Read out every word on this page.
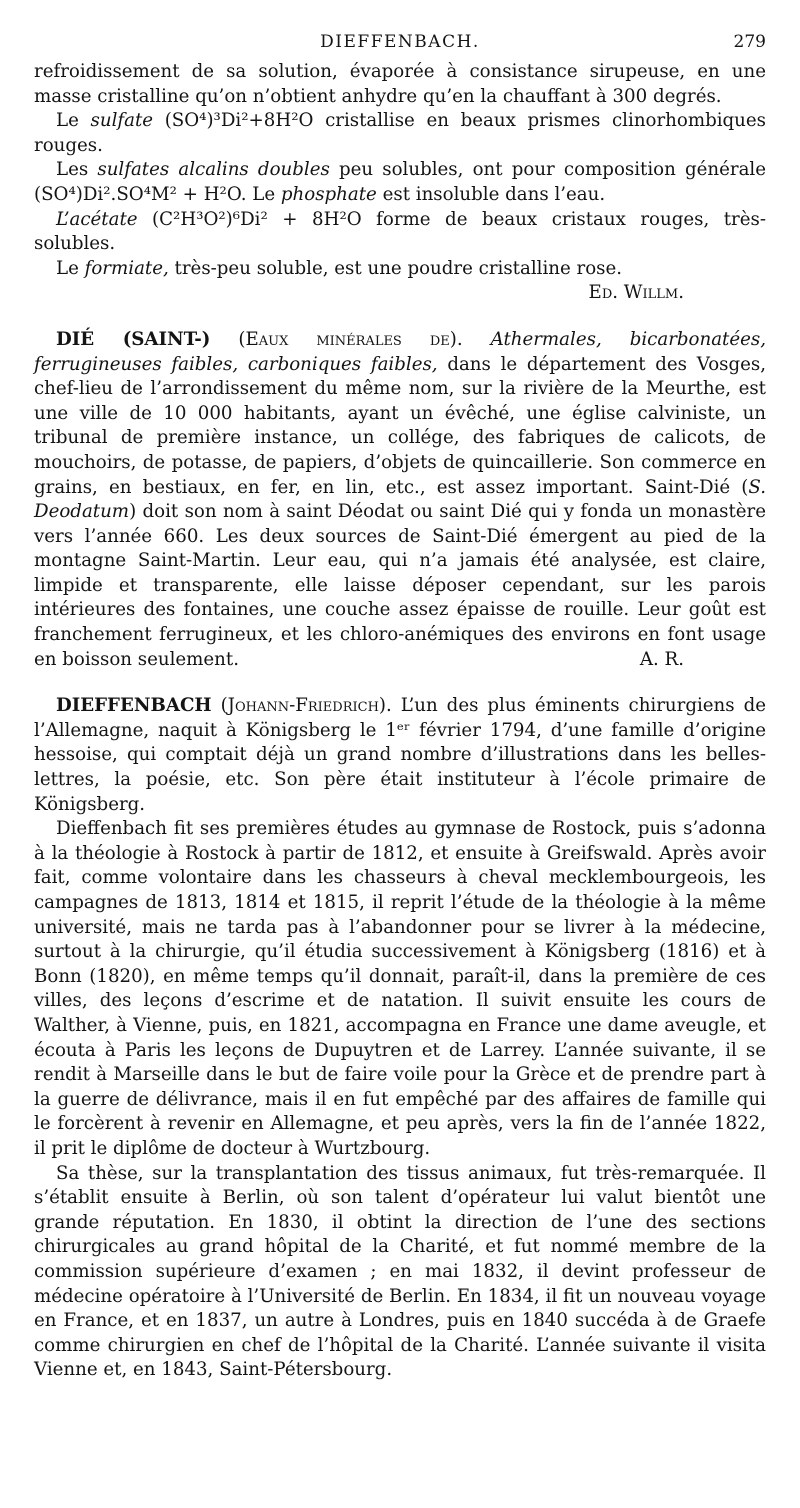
DIEFFENBACH.	279

refroidissement de sa solution, évaporée à consistance sirupeuse, en une masse cristalline qu’on n’obtient anhydre qu’en la chauffant à 300 degrés.

Le sulfate (SO⁴)³Di²+8H²O cristallise en beaux prismes clinorhombiques rouges.

Les sulfates alcalins doubles peu solubles, ont pour composition générale (SO⁴)Di².SO⁴M² + H²O. Le phosphate est insoluble dans l’eau.

L’acétate (C²H³O²)⁶Di² + 8H²O forme de beaux cristaux rouges, très-solubles.

Le formiate, très-peu soluble, est une poudre cristalline rose.
Ed. Willm.

DIÉ (SAINT-) (Eaux minérales de). Athermales, bicarbonatées, ferrugineuses faibles, carboniques faibles, dans le département des Vosges, chef-lieu de l’arrondissement du même nom, sur la rivière de la Meurthe, est une ville de 10 000 habitants, ayant un évêché, une église calviniste, un tribunal de première instance, un collége, des fabriques de calicots, de mouchoirs, de potasse, de papiers, d’objets de quincaillerie. Son commerce en grains, en bestiaux, en fer, en lin, etc., est assez important. Saint-Dié (S. Deodatum) doit son nom à saint Déodat ou saint Dié qui y fonda un monastère vers l’année 660. Les deux sources de Saint-Dié émergent au pied de la montagne Saint-Martin. Leur eau, qui n’a jamais été analysée, est claire, limpide et transparente, elle laisse déposer cependant, sur les parois intérieures des fontaines, une couche assez épaisse de rouille. Leur goût est franchement ferrugineux, et les chloro-anémiques des environs en font usage en boisson seulement.	A. R.

DIEFFENBACH (Johann-Friedrich). L’un des plus éminents chirurgiens de l’Allemagne, naquit à Königsberg le 1ᵉʳ février 1794, d’une famille d’origine hessoise, qui comptait déjà un grand nombre d’illustrations dans les belles-lettres, la poésie, etc. Son père était instituteur à l’école primaire de Königsberg.

Dieffenbach fit ses premières études au gymnase de Rostock, puis s’adonna à la théologie à Rostock à partir de 1812, et ensuite à Greifswald. Après avoir fait, comme volontaire dans les chasseurs à cheval mecklembourgeois, les campagnes de 1813, 1814 et 1815, il reprit l’étude de la théologie à la même université, mais ne tarda pas à l’abandonner pour se livrer à la médecine, surtout à la chirurgie, qu’il étudia successivement à Königsberg (1816) et à Bonn (1820), en même temps qu’il donnait, paraît-il, dans la première de ces villes, des leçons d’escrime et de natation. Il suivit ensuite les cours de Walther, à Vienne, puis, en 1821, accompagna en France une dame aveugle, et écouta à Paris les leçons de Dupuytren et de Larrey. L’année suivante, il se rendit à Marseille dans le but de faire voile pour la Grèce et de prendre part à la guerre de délivrance, mais il en fut empêché par des affaires de famille qui le forcèrent à revenir en Allemagne, et peu après, vers la fin de l’année 1822, il prit le diplôme de docteur à Wurtzbourg.

Sa thèse, sur la transplantation des tissus animaux, fut très-remarquée. Il s’établit ensuite à Berlin, où son talent d’opérateur lui valut bientôt une grande réputation. En 1830, il obtint la direction de l’une des sections chirurgicales au grand hôpital de la Charité, et fut nommé membre de la commission supérieure d’examen ; en mai 1832, il devint professeur de médecine opératoire à l’Université de Berlin. En 1834, il fit un nouveau voyage en France, et en 1837, un autre à Londres, puis en 1840 succéda à de Graefe comme chirurgien en chef de l’hôpital de la Charité. L’année suivante il visita Vienne et, en 1843, Saint-Pétersbourg.
